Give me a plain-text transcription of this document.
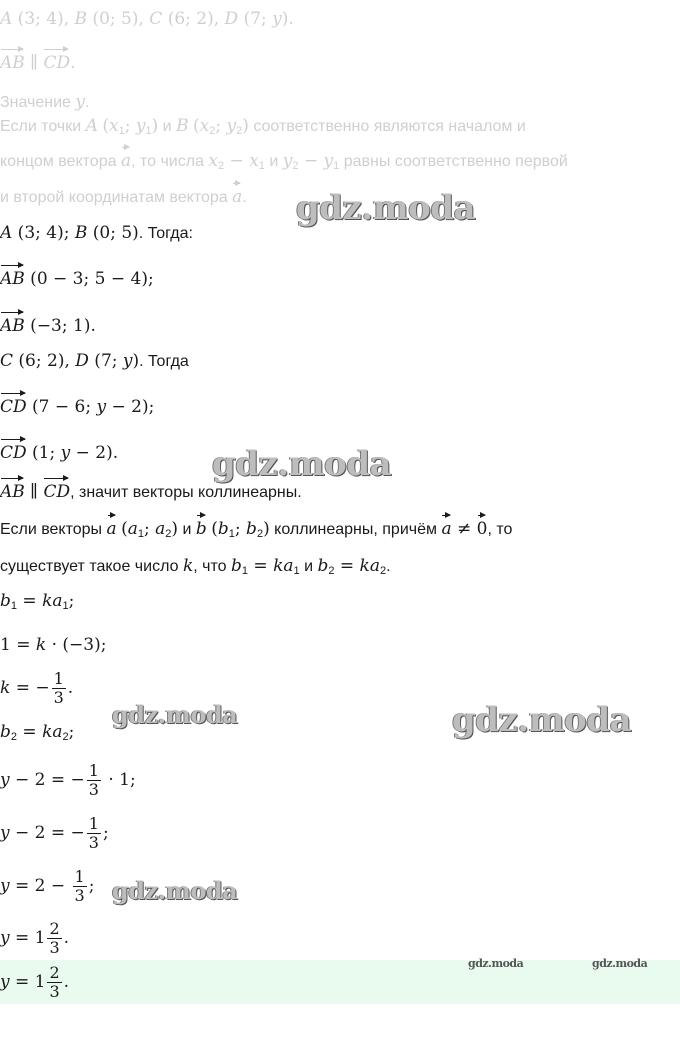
A (3; 4), B (0; 5), C (6; 2), D (7; y).
AB ∥ CD.
Значение y.
Если точки A ($x_1$; $y_1$) и B ($x_2$; $y_2$) соответственно являются началом и
концом вектора a, то числа $x_2 - x_1$ и $y_2 - y_1$ равны соответственно первой
и второй координатам вектора a.
A (3; 4); B (0; 5). Тогда:
AB (0 − 3; 5 − 4);
AB (−3; 1).
C (6; 2), D (7; y). Тогда
CD (7 − 6; y − 2);
CD (1; y − 2).
AB ∥ CD, значит векторы коллинеарны.
Если векторы a ($a_1$; $a_2$) и b ($b_1$; $b_2$) коллинеарны, причём a ≠ 0, то
существует такое число k, что $b_1 = ka_1$ и $b_2 = ka_2$.
$b_1 = ka_1$;
1 = k · (−3);
k = − $\frac{1}{3}$ .
$b_2 = ka_2$;
y − 2 = − $\frac{1}{3} \cdot 1$;
y − 2 = − $\frac{1}{3}$ ;
$y = 2 - \frac{1}{3}$ ;
$y = 1 \frac{2}{3}$ .
$y = 1 \frac{2}{3}$ .
gdz.moda
gdz.moda
gdz.moda	gdz.moda
gdz.moda
gdz.moda	gdz.moda
